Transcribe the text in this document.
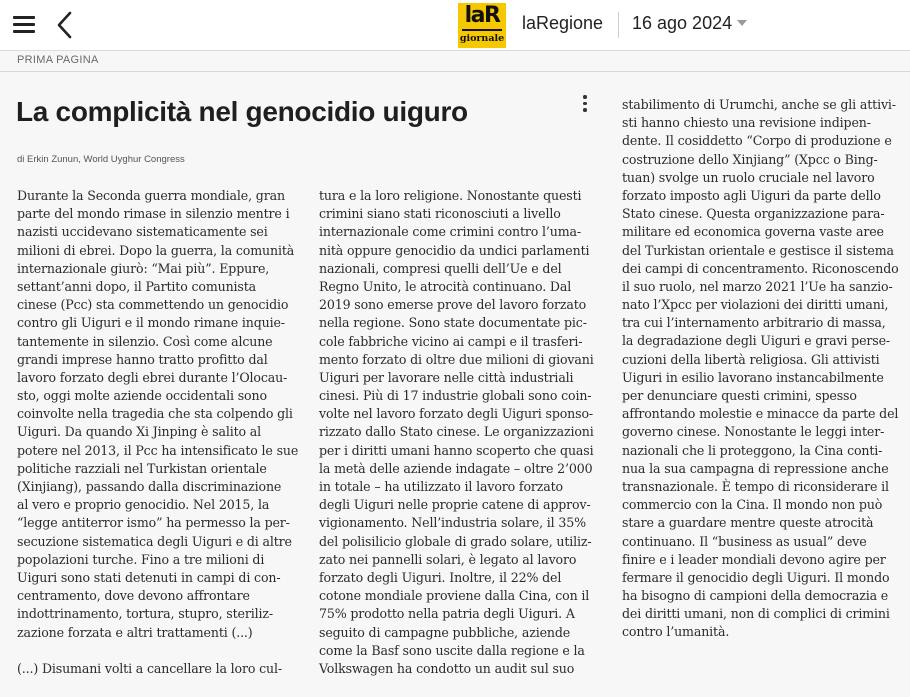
laR
giornale
laRegione 16 ago 2024
PRIMA PAGINA
La complicità nel genocidio uiguro
di Erkin Zunun, World Uyghur Congress
Durante la Seconda guerra mondiale, gran
parte del mondo rimase in silenzio mentre i
nazisti uccidevano sistematicamente sei
milioni di ebrei. Dopo la guerra, la comunità
internazionale giurò: “Mai più”. Eppure,
settant’anni dopo, il Partito comunista
cinese (Pcc) sta commettendo un genocidio
contro gli Uiguri e il mondo rimane inquie-
tantemente in silenzio. Così come alcune
grandi imprese hanno tratto profitto dal
lavoro forzato degli ebrei durante l’Olocau-
sto, oggi molte aziende occidentali sono
coinvolte nella tragedia che sta colpendo gli
Uiguri. Da quando Xi Jinping è salito al
potere nel 2013, il Pcc ha intensificato le sue
politiche razziali nel Turkistan orientale
(Xinjiang), passando dalla discriminazione
al vero e proprio genocidio. Nel 2015, la
“legge antiterror ismo” ha permesso la per-
secuzione sistematica degli Uiguri e di altre
popolazioni turche. Fino a tre milioni di
Uiguri sono stati detenuti in campi di con-
centramento, dove devono affrontare
indottrinamento, tortura, stupro, steriliz-
zazione forzata e altri trattamenti (...)
(...) Disumani volti a cancellare la loro cul-
tura e la loro religione. Nonostante questi
crimini siano stati riconosciuti a livello
internazionale come crimini contro l’uma-
nità oppure genocidio da undici parlamenti
nazionali, compresi quelli dell’Ue e del
Regno Unito, le atrocità continuano. Dal
2019 sono emerse prove del lavoro forzato
nella regione. Sono state documentate pic-
cole fabbriche vicino ai campi e il trasferi-
mento forzato di oltre due milioni di giovani
Uiguri per lavorare nelle città industriali
cinesi. Più di 17 industrie globali sono coin-
volte nel lavoro forzato degli Uiguri sponso-
rizzato dallo Stato cinese. Le organizzazioni
per i diritti umani hanno scoperto che quasi
la metà delle aziende indagate – oltre 2’000
in totale – ha utilizzato il lavoro forzato
degli Uiguri nelle proprie catene di approv-
vigionamento. Nell’industria solare, il 35%
del polisilicio globale di grado solare, utiliz-
zato nei pannelli solari, è legato al lavoro
forzato degli Uiguri. Inoltre, il 22% del
cotone mondiale proviene dalla Cina, con il
75% prodotto nella patria degli Uiguri. A
seguito di campagne pubbliche, aziende
come la Basf sono uscite dalla regione e la
Volkswagen ha condotto un audit sul suo
stabilimento di Urumchi, anche se gli attivi-
sti hanno chiesto una revisione indipen-
dente. Il cosiddetto “Corpo di produzione e
costruzione dello Xinjiang” (Xpcc o Bing-
tuan) svolge un ruolo cruciale nel lavoro
forzato imposto agli Uiguri da parte dello
Stato cinese. Questa organizzazione para-
militare ed economica governa vaste aree
del Turkistan orientale e gestisce il sistema
dei campi di concentramento. Riconoscendo
il suo ruolo, nel marzo 2021 l’Ue ha sanzio-
nato l’Xpcc per violazioni dei diritti umani,
tra cui l’internamento arbitrario di massa,
la degradazione degli Uiguri e gravi perse-
cuzioni della libertà religiosa. Gli attivisti
Uiguri in esilio lavorano instancabilmente
per denunciare questi crimini, spesso
affrontando molestie e minacce da parte del
governo cinese. Nonostante le leggi inter-
nazionali che li proteggono, la Cina conti-
nua la sua campagna di repressione anche
transnazionale. È tempo di riconsiderare il
commercio con la Cina. Il mondo non può
stare a guardare mentre queste atrocità
continuano. Il “business as usual” deve
finire e i leader mondiali devono agire per
fermare il genocidio degli Uiguri. Il mondo
ha bisogno di campioni della democrazia e
dei diritti umani, non di complici di crimini
contro l’umanità.
